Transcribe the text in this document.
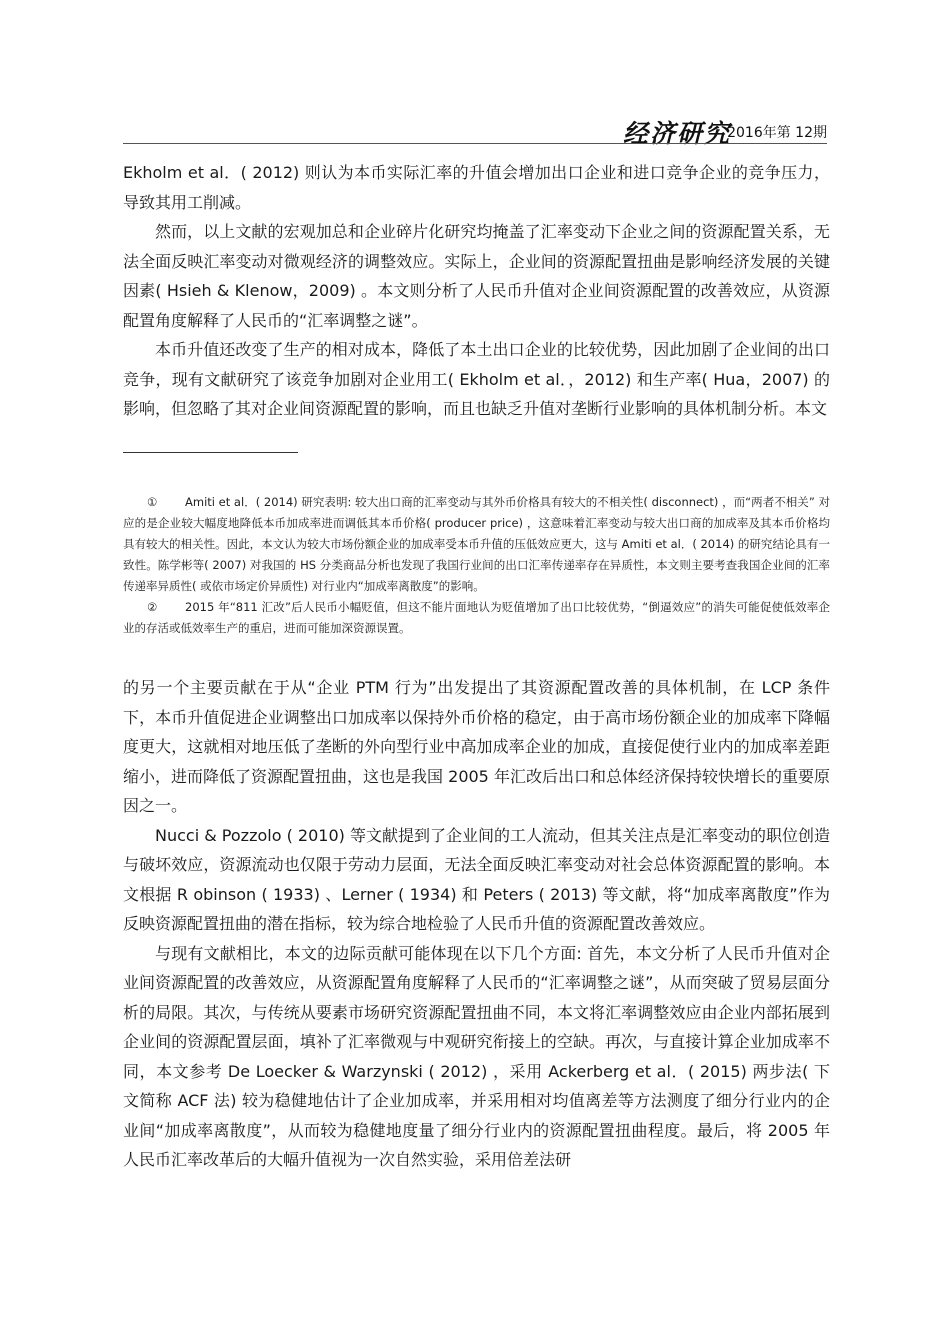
经济研究
2016年第 12期

Ekholm et al．( 2012) 则认为本币实际汇率的升值会增加出口企业和进口竞争企业的竞争压力，导致其用工削减。

然而，以上文献的宏观加总和企业碎片化研究均掩盖了汇率变动下企业之间的资源配置关系，无法全面反映汇率变动对微观经济的调整效应。实际上，企业间的资源配置扭曲是影响经济发展的关键因素( Hsieh & Klenow，2009) 。本文则分析了人民币升值对企业间资源配置的改善效应，从资源配置角度解释了人民币的“汇率调整之谜”。

本币升值还改变了生产的相对成本，降低了本土出口企业的比较优势，因此加剧了企业间的出口竞争，现有文献研究了该竞争加剧对企业用工( Ekholm et al．，2012) 和生产率( Hua，2007) 的影响，但忽略了其对企业间资源配置的影响，而且也缺乏升值对垄断行业影响的具体机制分析。本文

① Amiti et al．( 2014) 研究表明: 较大出口商的汇率变动与其外币价格具有较大的不相关性( disconnect) ，而“两者不相关” 对应的是企业较大幅度地降低本币加成率进而调低其本币价格( producer price) ，这意味着汇率变动与较大出口商的加成率及其本币价格均具有较大的相关性。因此，本文认为较大市场份额企业的加成率受本币升值的压低效应更大，这与 Amiti et al．( 2014) 的研究结论具有一致性。陈学彬等( 2007) 对我国的 HS 分类商品分析也发现了我国行业间的出口汇率传递率存在异质性，本文则主要考查我国企业间的汇率传递率异质性( 或依市场定价异质性) 对行业内“加成率离散度”的影响。

② 2015 年“811 汇改”后人民币小幅贬值，但这不能片面地认为贬值增加了出口比较优势，“倒逼效应”的消失可能促使低效率企业的存活或低效率生产的重启，进而可能加深资源误置。

的另一个主要贡献在于从“企业 PTM 行为”出发提出了其资源配置改善的具体机制，在 LCP 条件下，本币升值促进企业调整出口加成率以保持外币价格的稳定，由于高市场份额企业的加成率下降幅度更大，这就相对地压低了垄断的外向型行业中高加成率企业的加成，直接促使行业内的加成率差距缩小，进而降低了资源配置扭曲，这也是我国 2005 年汇改后出口和总体经济保持较快增长的重要原因之一。

Nucci & Pozzolo ( 2010) 等文献提到了企业间的工人流动，但其关注点是汇率变动的职位创造与破坏效应，资源流动也仅限于劳动力层面，无法全面反映汇率变动对社会总体资源配置的影响。本文根据 R obinson ( 1933) 、Lerner ( 1934) 和 Peters ( 2013) 等文献，将“加成率离散度”作为反映资源配置扭曲的潜在指标，较为综合地检验了人民币升值的资源配置改善效应。

与现有文献相比，本文的边际贡献可能体现在以下几个方面: 首先，本文分析了人民币升值对企业间资源配置的改善效应，从资源配置角度解释了人民币的“汇率调整之谜”，从而突破了贸易层面分析的局限。其次，与传统从要素市场研究资源配置扭曲不同，本文将汇率调整效应由企业内部拓展到企业间的资源配置层面，填补了汇率微观与中观研究衔接上的空缺。再次，与直接计算企业加成率不同，本文参考 De Loecker & Warzynski ( 2012) ，采用 Ackerberg et al．( 2015) 两步法( 下文简称 ACF 法) 较为稳健地估计了企业加成率，并采用相对均值离差等方法测度了细分行业内的企业间“加成率离散度”，从而较为稳健地度量了细分行业内的资源配置扭曲程度。最后，将 2005 年人民币汇率改革后的大幅升值视为一次自然实验，采用倍差法研
